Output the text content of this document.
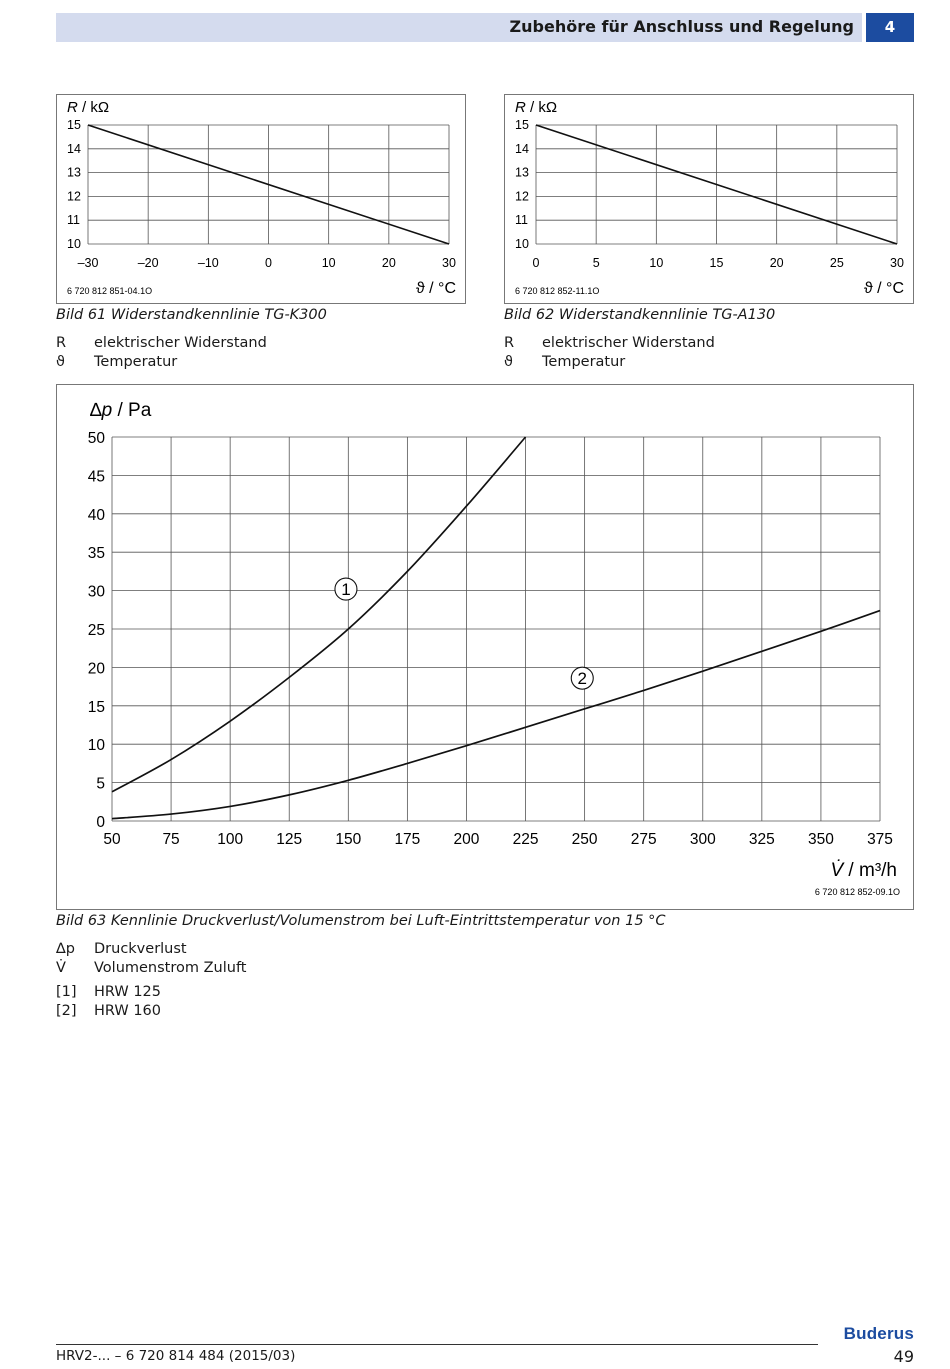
Zubehöre für Anschluss und Regelung	4
R / kΩ
–30	–20	–10	0	10	20	30
15
14
13
12
11
10
6 720 812 851-04.1O	ϑ / °C
Bild 61 Widerstandkennlinie TG-K300
R	elektrischer Widerstand
ϑ	Temperatur
R / kΩ
0	5	10	15	20	25	30
15
14
13
12
11
10
6 720 812 852-11.1O	ϑ / °C
Bild 62 Widerstandkennlinie TG-A130
R	elektrischer Widerstand
ϑ	Temperatur
∆p / Pa
50	75 100 125 150 175 200 225 250 275 300 325 350 375
50
45
40
35
30
25
20
15
10
5
0
1
2
V̇ / m³/h
6 720 812 852-09.1O
Bild 63 Kennlinie Druckverlust/Volumenstrom bei Luft-Eintrittstemperatur von 15 °C
∆p	Druckverlust
V̇	Volumenstrom Zuluft
[1]	HRW 125
[2]	HRW 160
Buderus
HRV2-... – 6 720 814 484 (2015/03)	49
